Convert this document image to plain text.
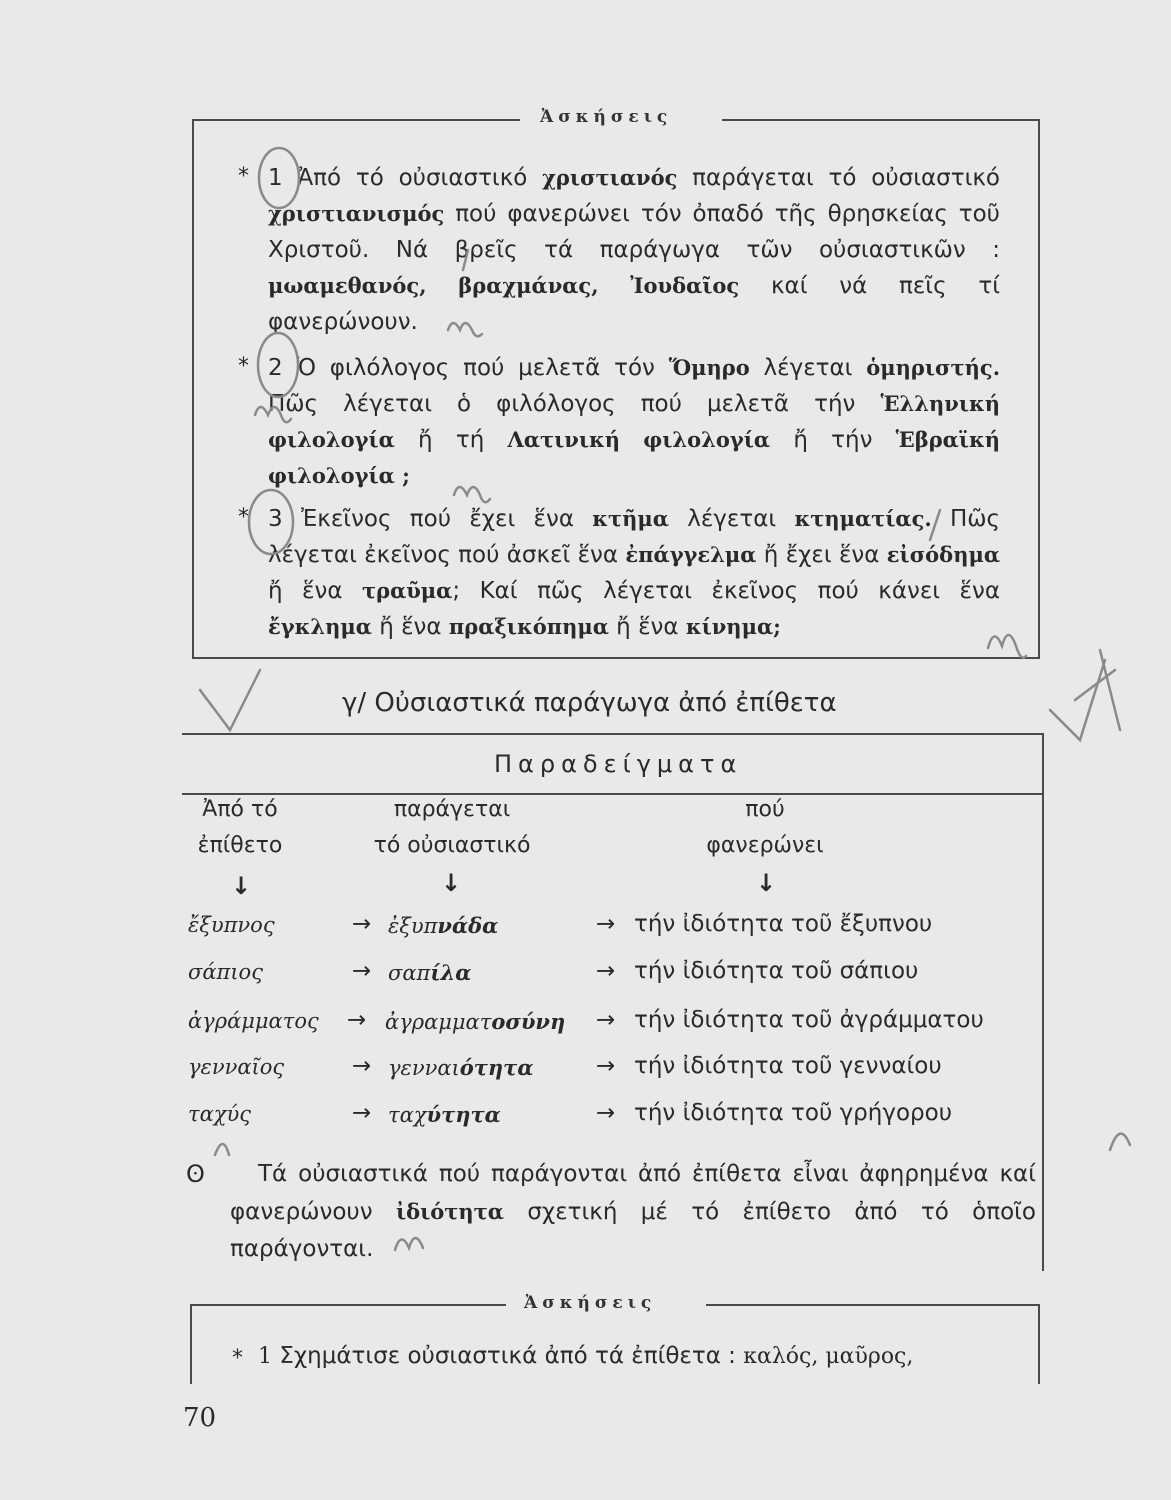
Ἀσκήσεις
* 1 Ἀπό τό οὐσιαστικό χριστιανός παράγεται τό οὐσιαστικό χριστιανισμός πού φανερώνει τόν ὀπαδό τῆς θρησκείας τοῦ Χριστοῦ. Νά βρεῖς τά παράγωγα τῶν οὐσιαστικῶν : μωαμεθανός, βραχμάνας, Ἰουδαῖος καί νά πεῖς τί φανερώνουν.
* 2 Ὁ φιλόλογος πού μελετᾶ τόν Ὅμηρο λέγεται ὁμηριστής. Πῶς λέγεται ὁ φιλόλογος πού μελετᾶ τήν Ἑλληνική φιλολογία ἤ τή Λατινική φιλολογία ἤ τήν Ἑβραϊκή φιλολογία ;
* 3 Ἐκεῖνος πού ἔχει ἕνα κτῆμα λέγεται κτηματίας. Πῶς λέγεται ἐκεῖνος πού ἀσκεῖ ἕνα ἐπάγγελμα ἤ ἔχει ἕνα εἰσόδημα ἤ ἕνα τραῦμα; Καί πῶς λέγεται ἐκεῖνος πού κάνει ἕνα ἔγκλημα ἤ ἕνα πραξικόπημα ἤ ἕνα κίνημα;
γ/ Οὐσιαστικά παράγωγα ἀπό ἐπίθετα
Παραδείγματα
Ἀπό τό
ἐπίθετο
παράγεται
τό οὐσιαστικό
πού
φανερώνει
↓	↓	↓
ἔξυπνος	→ ἐξυπνάδα	→ τήν ἰδιότητα τοῦ ἔξυπνου
σάπιος	→ σαπίλα	→ τήν ἰδιότητα τοῦ σάπιου
ἀγράμματος → ἀγραμματοσύνη → τήν ἰδιότητα τοῦ ἀγράμματου
γενναῖος	→ γενναιότητα	→ τήν ἰδιότητα τοῦ γενναίου
ταχύς	→ ταχύτητα	→ τήν ἰδιότητα τοῦ γρήγορου
ʘ	Τά οὐσιαστικά πού παράγονται ἀπό ἐπίθετα εἶναι ἀφηρημένα καί φανερώνουν ἰδιότητα σχετική μέ τό ἐπίθετο ἀπό τό ὁποῖο παράγονται.
Ἀσκήσεις
* 1 Σχημάτισε οὐσιαστικά ἀπό τά ἐπίθετα : καλός, μαῦρος,
70
